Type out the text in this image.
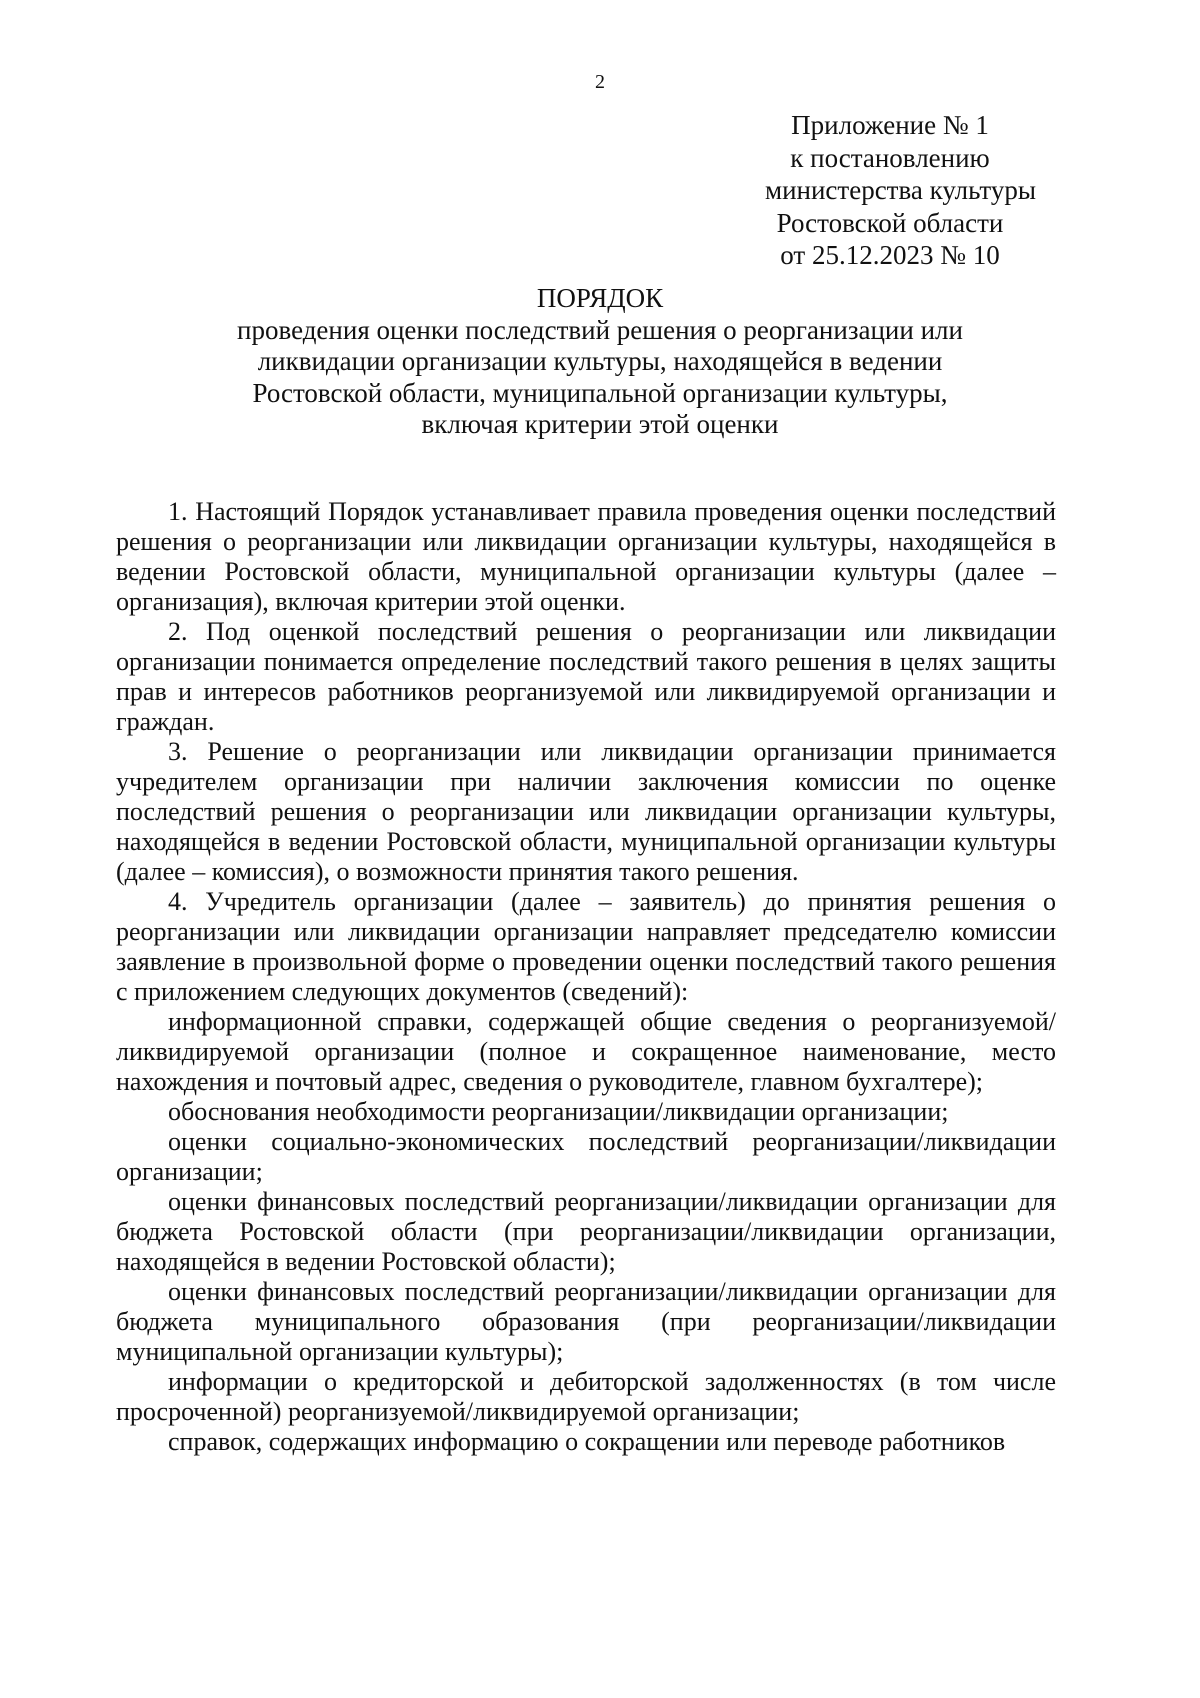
2
Приложение № 1
к постановлению
министерства культуры
Ростовской области
от 25.12.2023 № 10
ПОРЯДОК
проведения оценки последствий решения о реорганизации или
ликвидации организации культуры, находящейся в ведении
Ростовской области, муниципальной организации культуры,
включая критерии этой оценки

1. Настоящий Порядок устанавливает правила проведения оценки последствий решения о реорганизации или ликвидации организации культуры, находящейся в ведении Ростовской области, муниципальной организации культуры (далее – организация), включая критерии этой оценки.

2. Под оценкой последствий решения о реорганизации или ликвидации организации понимается определение последствий такого решения в целях защиты прав и интересов работников реорганизуемой или ликвидируемой организации и граждан.

3. Решение о реорганизации или ликвидации организации принимается учредителем организации при наличии заключения комиссии по оценке последствий решения о реорганизации или ликвидации организации культуры, находящейся в ведении Ростовской области, муниципальной организации культуры (далее – комиссия), о возможности принятия такого решения.

4. Учредитель организации (далее – заявитель) до принятия решения о реорганизации или ликвидации организации направляет председателю комиссии заявление в произвольной форме о проведении оценки последствий такого решения с приложением следующих документов (сведений):

информационной справки, содержащей общие сведения о реорганизуемой/ликвидируемой организации (полное и сокращенное наименование, место нахождения и почтовый адрес, сведения о руководителе, главном бухгалтере);

обоснования необходимости реорганизации/ликвидации организации;

оценки социально-экономических последствий реорганизации/ликвидации организации;

оценки финансовых последствий реорганизации/ликвидации организации для бюджета Ростовской области (при реорганизации/ликвидации организации, находящейся в ведении Ростовской области);

оценки финансовых последствий реорганизации/ликвидации организации для бюджета муниципального образования (при реорганизации/ликвидации муниципальной организации культуры);

информации о кредиторской и дебиторской задолженностях (в том числе просроченной) реорганизуемой/ликвидируемой организации;

справок, содержащих информацию о сокращении или переводе работников
